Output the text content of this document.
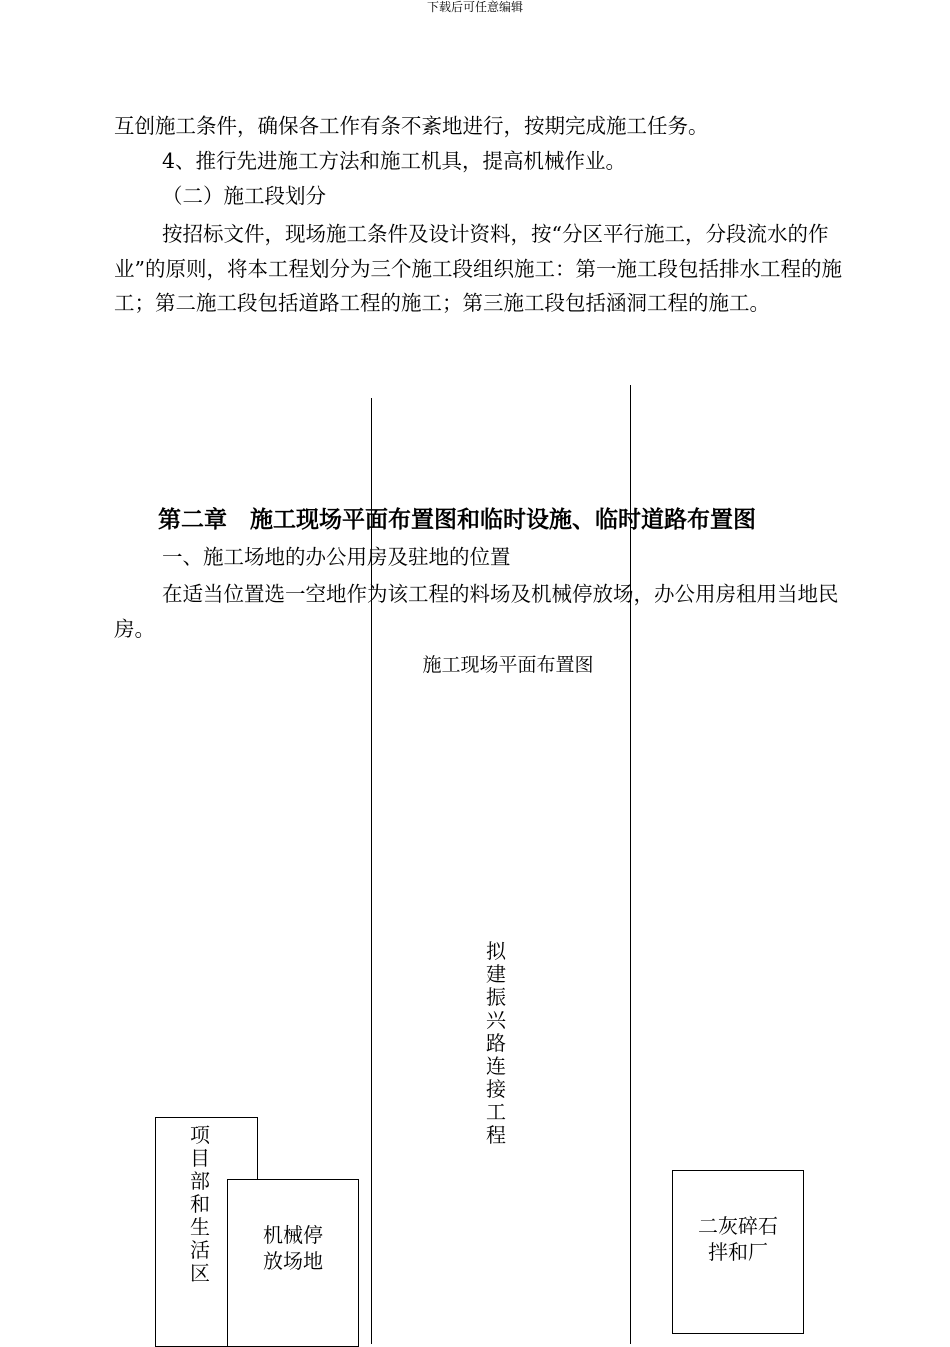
下载后可任意编辑

互创施工条件，确保各工作有条不紊地进行，按期完成施工任务。

4、推行先进施工方法和施工机具，提高机械作业。

（二）施工段划分

按招标文件，现场施工条件及设计资料，按“分区平行施工，分段流水的作业”的原则，将本工程划分为三个施工段组织施工：第一施工段包括排水工程的施工；第二施工段包括道路工程的施工；第三施工段包括涵洞工程的施工。

第二章　施工现场平面布置图和临时设施、临时道路布置图

一、施工场地的办公用房及驻地的位置

在适当位置选一空地作为该工程的料场及机械停放场，办公用房租用当地民房。

施工现场平面布置图
拟建振兴路连接工程
项目部和生活区
机械停放场地
二灰碎石拌和厂
